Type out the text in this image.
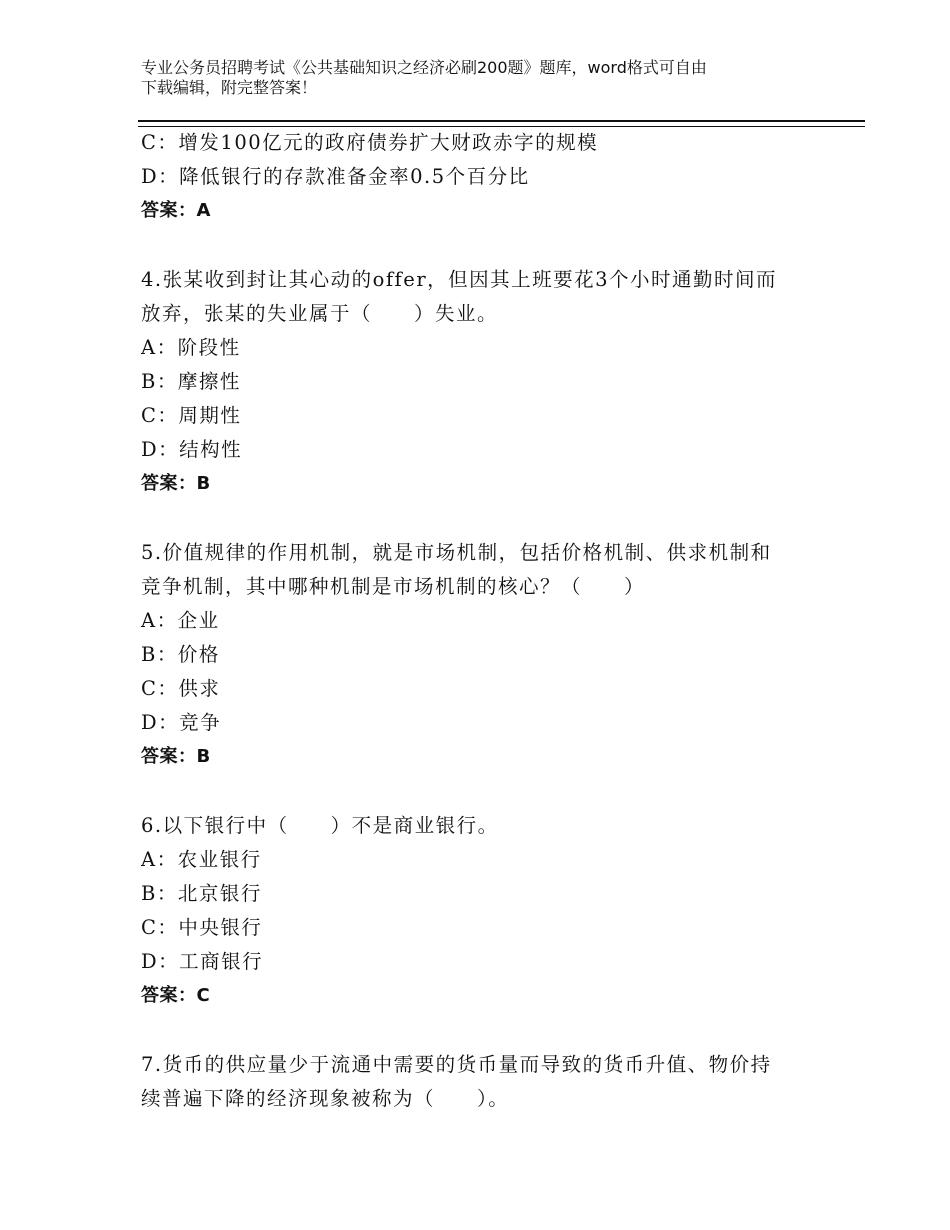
专业公务员招聘考试《公共基础知识之经济必刷200题》题库，word格式可自由
下载编辑，附完整答案！
C：增发100亿元的政府债券扩大财政赤字的规模
D：降低银行的存款准备金率0.5个百分比
答案：A
4.张某收到封让其心动的offer，但因其上班要花3个小时通勤时间而
放弃，张某的失业属于（　　）失业。
A：阶段性
B：摩擦性
C：周期性
D：结构性
答案：B
5.价值规律的作用机制，就是市场机制，包括价格机制、供求机制和
竞争机制，其中哪种机制是市场机制的核心？（　　）
A：企业
B：价格
C：供求
D：竞争
答案：B
6.以下银行中（　　）不是商业银行。
A：农业银行
B：北京银行
C：中央银行
D：工商银行
答案：C
7.货币的供应量少于流通中需要的货币量而导致的货币升值、物价持
续普遍下降的经济现象被称为（　　）。
